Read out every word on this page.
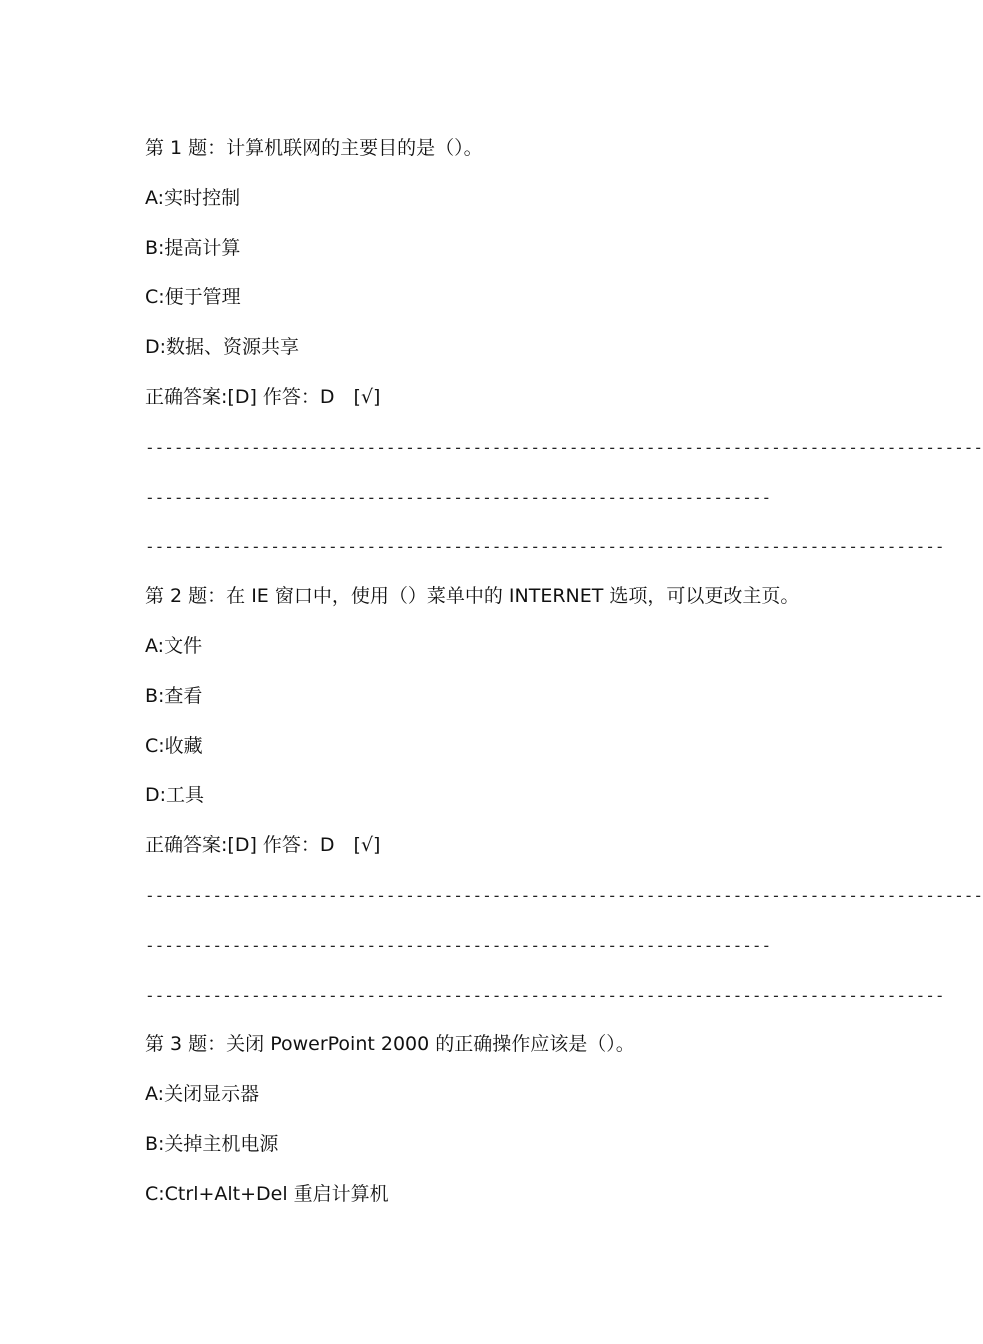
第 1 题：计算机联网的主要目的是（）。
A:实时控制
B:提高计算
C:便于管理
D:数据、资源共享
正确答案:[D] 作答：D　[√]
---------------------------------------------------------------------------------------
-----------------------------------------------------------------
-----------------------------------------------------------------------------------
第 2 题：在 IE 窗口中，使用（）菜单中的 INTERNET 选项，可以更改主页。
A:文件
B:查看
C:收藏
D:工具
正确答案:[D] 作答：D　[√]
---------------------------------------------------------------------------------------
-----------------------------------------------------------------
-----------------------------------------------------------------------------------
第 3 题：关闭 PowerPoint 2000 的正确操作应该是（）。
A:关闭显示器
B:关掉主机电源
C:Ctrl+Alt+Del 重启计算机
